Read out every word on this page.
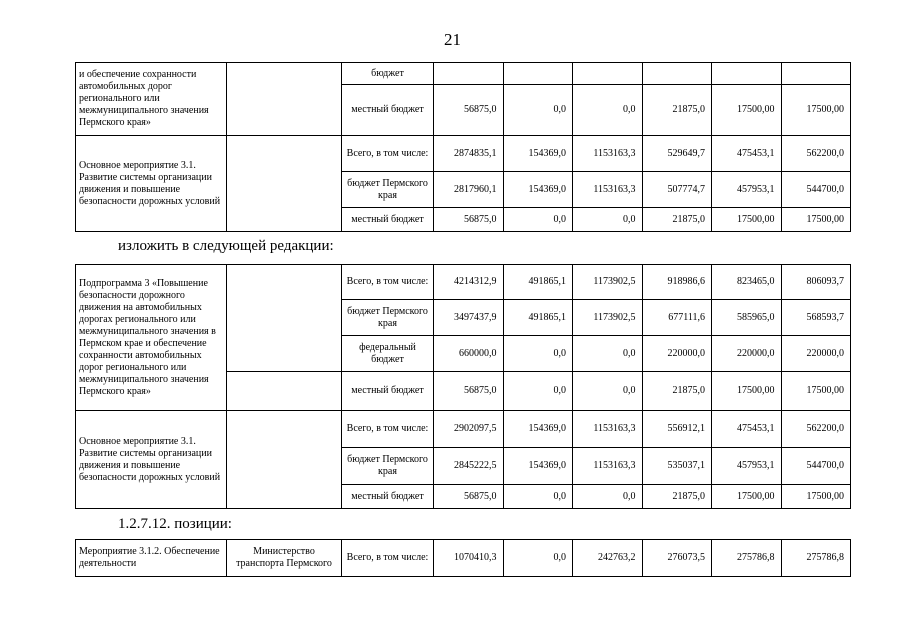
21
и обеспечение сохранности автомобильных дорог регионального или межмуниципального значения Пермского края»		бюджет						
		местный бюджет	56875,0	0,0	0,0	21875,0	17500,00	17500,00
Основное мероприятие 3.1. Развитие системы организации движения и повышение безопасности дорожных условий		Всего, в том числе:	2874835,1	154369,0	1153163,3	529649,7	475453,1	562200,0
		бюджет Пермского края	2817960,1	154369,0	1153163,3	507774,7	457953,1	544700,0
		местный бюджет	56875,0	0,0	0,0	21875,0	17500,00	17500,00
изложить в следующей редакции:
Подпрограмма 3 «Повышение безопасности дорожного движения на автомобильных дорогах регионального или межмуниципального значения в Пермском крае и обеспечение сохранности автомобильных дорог регионального или межмуниципального значения Пермского края»		Всего, в том числе:	4214312,9	491865,1	1173902,5	918986,6	823465,0	806093,7
		бюджет Пермского края	3497437,9	491865,1	1173902,5	677111,6	585965,0	568593,7
		федеральный бюджет	660000,0	0,0	0,0	220000,0	220000,0	220000,0
		местный бюджет	56875,0	0,0	0,0	21875,0	17500,00	17500,00
Основное мероприятие 3.1. Развитие системы организации движения и повышение безопасности дорожных условий		Всего, в том числе:	2902097,5	154369,0	1153163,3	556912,1	475453,1	562200,0
		бюджет Пермского края	2845222,5	154369,0	1153163,3	535037,1	457953,1	544700,0
		местный бюджет	56875,0	0,0	0,0	21875,0	17500,00	17500,00
1.2.7.12. позиции:
Мероприятие 3.1.2. Обеспечение деятельности	Министерство транспорта Пермского	Всего, в том числе:	1070410,3	0,0	242763,2	276073,5	275786,8	275786,8
